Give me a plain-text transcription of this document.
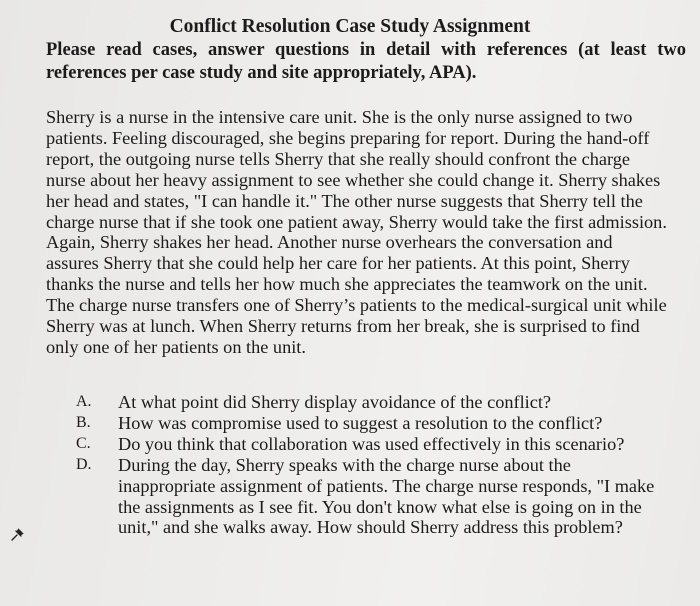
Conflict Resolution Case Study Assignment

Please read cases, answer questions in detail with references (at least two references per case study and site appropriately, APA).

Sherry is a nurse in the intensive care unit. She is the only nurse assigned to two patients. Feeling discouraged, she begins preparing for report. During the hand-off report, the outgoing nurse tells Sherry that she really should confront the charge nurse about her heavy assignment to see whether she could change it. Sherry shakes her head and states, "I can handle it." The other nurse suggests that Sherry tell the charge nurse that if she took one patient away, Sherry would take the first admission. Again, Sherry shakes her head. Another nurse overhears the conversation and assures Sherry that she could help her care for her patients. At this point, Sherry thanks the nurse and tells her how much she appreciates the teamwork on the unit. The charge nurse transfers one of Sherry’s patients to the medical-surgical unit while Sherry was at lunch. When Sherry returns from her break, she is surprised to find only one of her patients on the unit.

A.	At what point did Sherry display avoidance of the conflict?
B.	How was compromise used to suggest a resolution to the conflict?
C.	Do you think that collaboration was used effectively in this scenario?
D.	During the day, Sherry speaks with the charge nurse about the inappropriate assignment of patients. The charge nurse responds, "I make the assignments as I see fit. You don't know what else is going on in the unit," and she walks away. How should Sherry address this problem?
